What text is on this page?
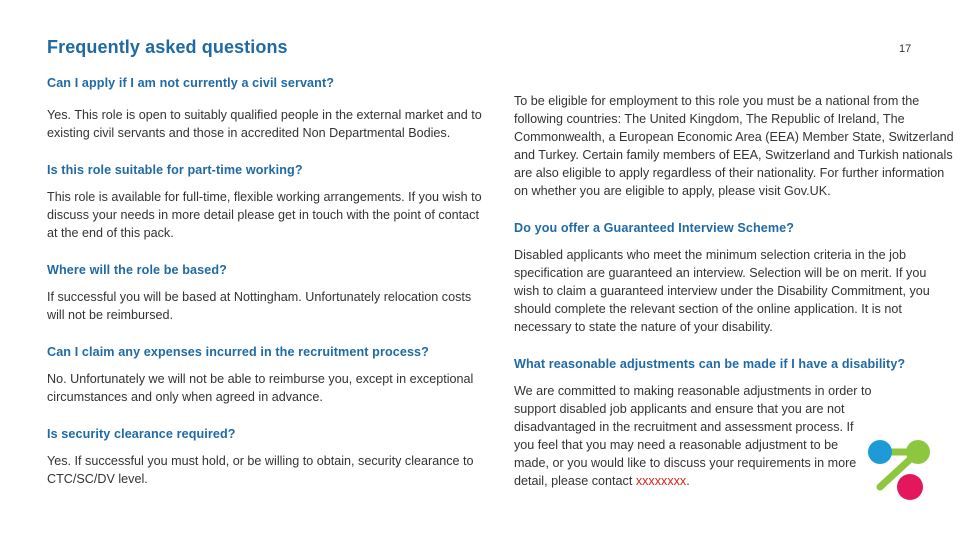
Frequently asked questions	17

Can I apply if I am not currently a civil servant?

Yes. This role is open to suitably qualified people in the external market and to existing civil servants and those in accredited Non Departmental Bodies.

Is this role suitable for part-time working?

This role is available for full-time, flexible working arrangements. If you wish to discuss your needs in more detail please get in touch with the point of contact at the end of this pack.

Where will the role be based?

If successful you will be based at Nottingham. Unfortunately relocation costs will not be reimbursed.

Can I claim any expenses incurred in the recruitment process?

No. Unfortunately we will not be able to reimburse you, except in exceptional circumstances and only when agreed in advance.

Is security clearance required?

Yes. If successful you must hold, or be willing to obtain, security clearance to CTC/SC/DV level.

To be eligible for employment to this role you must be a national from the following countries: The United Kingdom, The Republic of Ireland, The Commonwealth, a European Economic Area (EEA) Member State, Switzerland and Turkey. Certain family members of EEA, Switzerland and Turkish nationals are also eligible to apply regardless of their nationality. For further information on whether you are eligible to apply, please visit Gov.UK.

Do you offer a Guaranteed Interview Scheme?

Disabled applicants who meet the minimum selection criteria in the job specification are guaranteed an interview. Selection will be on merit. If you wish to claim a guaranteed interview under the Disability Commitment, you should complete the relevant section of the online application. It is not necessary to state the nature of your disability.

What reasonable adjustments can be made if I have a disability?

We are committed to making reasonable adjustments in order to support disabled job applicants and ensure that you are not disadvantaged in the recruitment and assessment process. If you feel that you may need a reasonable adjustment to be made, or you would like to discuss your requirements in more detail, please contact xxxxxxxx.
